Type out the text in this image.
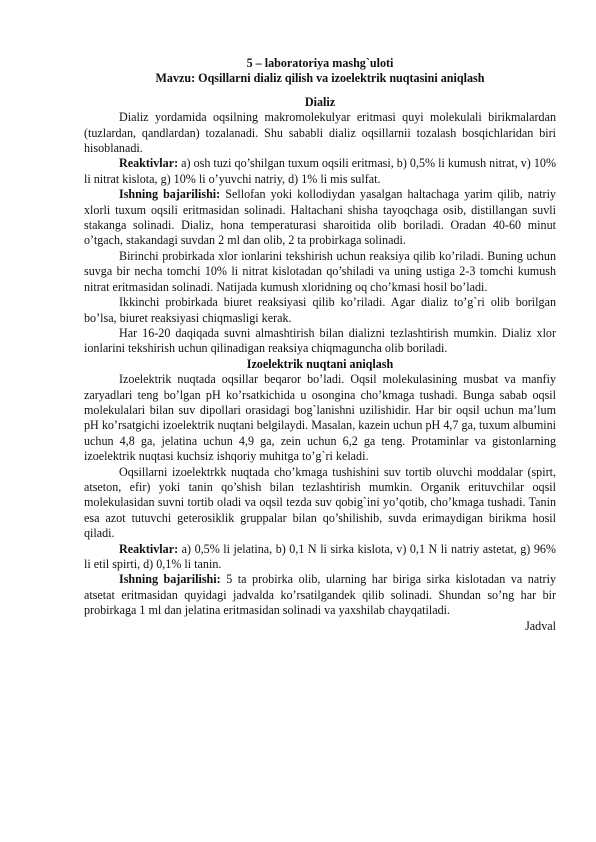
5 – laboratoriya mashg`uloti
Mavzu: Oqsillarni dializ qilish va izoelektrik nuqtasini aniqlash
Dializ

Dializ yordamida oqsilning makromolekulyar eritmasi quyi molekulali birikmalardan (tuzlardan, qandlardan) tozalanadi. Shu sababli dializ oqsillarnii tozalash bosqichlaridan biri hisoblanadi.

Reaktivlar: a) osh tuzi qo’shilgan tuxum oqsili eritmasi, b) 0,5% li kumush nitrat, v) 10% li nitrat kislota, g) 10% li o’yuvchi natriy, d) 1% li mis sulfat.

Ishning bajarilishi: Sellofan yoki kollodiydan yasalgan haltachaga yarim qilib, natriy xlorli tuxum oqsili eritmasidan solinadi. Haltachani shisha tayoqchaga osib, distillangan suvli stakanga solinadi. Dializ, hona temperaturasi sharoitida olib boriladi. Oradan 40-60 minut o’tgach, stakandagi suvdan 2 ml dan olib, 2 ta probirkaga solinadi.

Birinchi probirkada xlor ionlarini tekshirish uchun reaksiya qilib ko’riladi. Buning uchun suvga bir necha tomchi 10% li nitrat kislotadan qo’shiladi va uning ustiga 2-3 tomchi kumush nitrat eritmasidan solinadi. Natijada kumush xloridning oq cho’kmasi hosil bo’ladi.

Ikkinchi probirkada biuret reaksiyasi qilib ko’riladi. Agar dializ to’g`ri olib borilgan bo’lsa, biuret reaksiyasi chiqmasligi kerak.

Har 16-20 daqiqada suvni almashtirish bilan dializni tezlashtirish mumkin. Dializ xlor ionlarini tekshirish uchun qilinadigan reaksiya chiqmaguncha olib boriladi.

Izoelektrik nuqtani aniqlash

Izoelektrik nuqtada oqsillar beqaror bo’ladi. Oqsil molekulasining musbat va manfiy zaryadlari teng bo’lgan pH ko’rsatkichida u osongina cho’kmaga tushadi. Bunga sabab oqsil molekulalari bilan suv dipollari orasidagi bog`lanishni uzilishidir. Har bir oqsil uchun ma’lum pH ko’rsatgichi izoelektrik nuqtani belgilaydi. Masalan, kazein uchun pH 4,7 ga, tuxum albumini uchun 4,8 ga, jelatina uchun 4,9 ga, zein uchun 6,2 ga teng. Protaminlar va gistonlarning izoelektrik nuqtasi kuchsiz ishqoriy muhitga to’g`ri keladi.

Oqsillarni izoelektrkk nuqtada cho’kmaga tushishini suv tortib oluvchi moddalar (spirt, atseton, efir) yoki tanin qo’shish bilan tezlashtirish mumkin. Organik erituvchilar oqsil molekulasidan suvni tortib oladi va oqsil tezda suv qobig`ini yo’qotib, cho’kmaga tushadi. Tanin esa azot tutuvchi geterosiklik gruppalar bilan qo’shilishib, suvda erimaydigan birikma hosil qiladi.

Reaktivlar: a) 0,5% li jelatina, b) 0,1 N li sirka kislota, v) 0,1 N li natriy astetat, g) 96% li etil spirti, d) 0,1% li tanin.

Ishning bajarilishi: 5 ta probirka olib, ularning har biriga sirka kislotadan va natriy atsetat eritmasidan quyidagi jadvalda ko’rsatilgandek qilib solinadi. Shundan so’ng har bir probirkaga 1 ml dan jelatina eritmasidan solinadi va yaxshilab chayqatiladi.

Jadval
